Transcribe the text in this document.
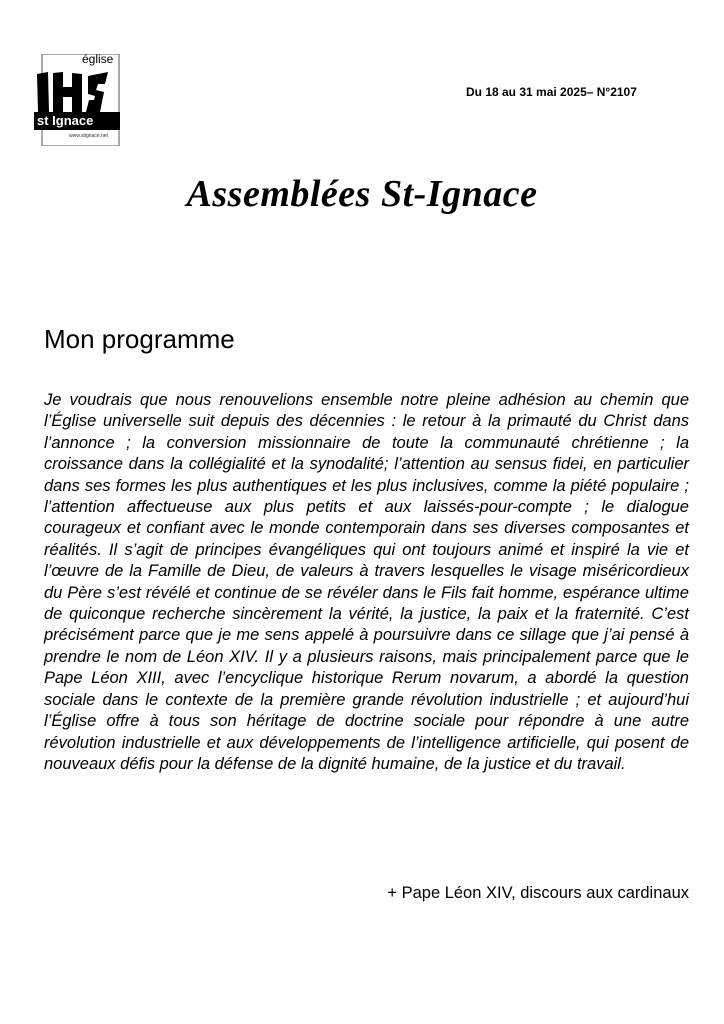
église
st Ignace
www.stignace.net
Du 18 au 31 mai 2025– N°2107
Assemblées St-Ignace
Mon programme

Je voudrais que nous renouvelions ensemble notre pleine adhésion au chemin que l’Église universelle suit depuis des décennies : le retour à la primauté du Christ dans l’annonce ; la conversion missionnaire de toute la communauté chrétienne ; la croissance dans la collégialité et la synodalité; l’attention au sensus fidei, en particulier dans ses formes les plus authentiques et les plus inclusives, comme la piété populaire ; l’attention affectueuse aux plus petits et aux laissés-pour-compte ; le dialogue courageux et confiant avec le monde contemporain dans ses diverses composantes et réalités. Il s’agit de principes évangéliques qui ont toujours animé et inspiré la vie et l’œuvre de la Famille de Dieu, de valeurs à travers lesquelles le visage miséricordieux du Père s’est révélé et continue de se révéler dans le Fils fait homme, espérance ultime de quiconque recherche sincèrement la vérité, la justice, la paix et la fraternité. C’est précisément parce que je me sens appelé à poursuivre dans ce sillage que j’ai pensé à prendre le nom de Léon XIV. Il y a plusieurs raisons, mais principalement parce que le Pape Léon XIII, avec l’encyclique historique Rerum novarum, a abordé la question sociale dans le contexte de la première grande révolution industrielle ; et aujourd’hui l’Église offre à tous son héritage de doctrine sociale pour répondre à une autre révolution industrielle et aux développements de l’intelligence artificielle, qui posent de nouveaux défis pour la défense de la dignité humaine, de la justice et du travail.

+ Pape Léon XIV, discours aux cardinaux
